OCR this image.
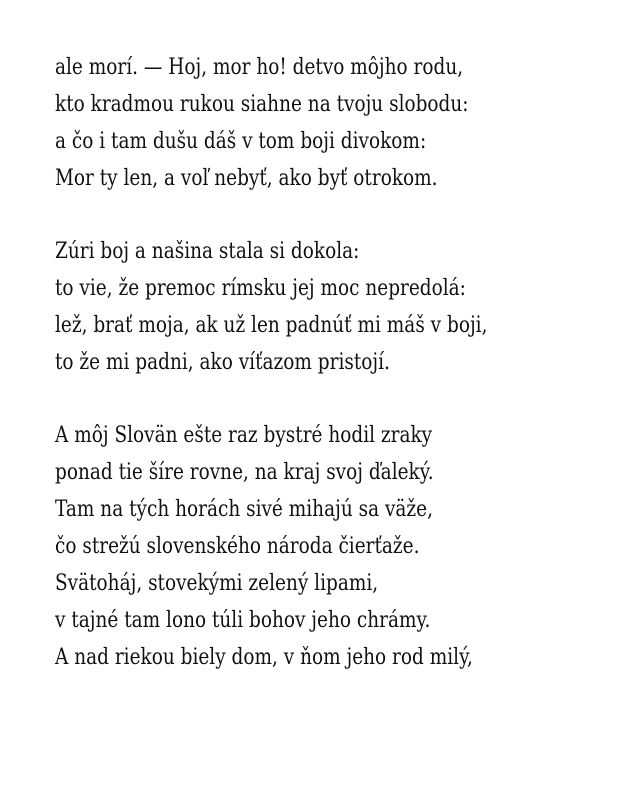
ale morí. — Hoj, mor ho! detvo môjho rodu,
kto kradmou rukou siahne na tvoju slobodu:
a čo i tam dušu dáš v tom boji divokom:
Mor ty len, a voľ nebyť, ako byť otrokom.
Zúri boj a našina stala si dokola:
to vie, že premoc rímsku jej moc nepredolá:
lež, brať moja, ak už len padnúť mi máš v boji,
to že mi padni, ako víťazom pristojí.
A môj Slovän ešte raz bystré hodil zraky
ponad tie šíre rovne, na kraj svoj ďaleký.
Tam na tých horách sivé mihajú sa väže,
čo strežú slovenského národa čierťaže.
Svätoháj, stovekými zelený lipami,
v tajné tam lono túli bohov jeho chrámy.
A nad riekou biely dom, v ňom jeho rod milý,
